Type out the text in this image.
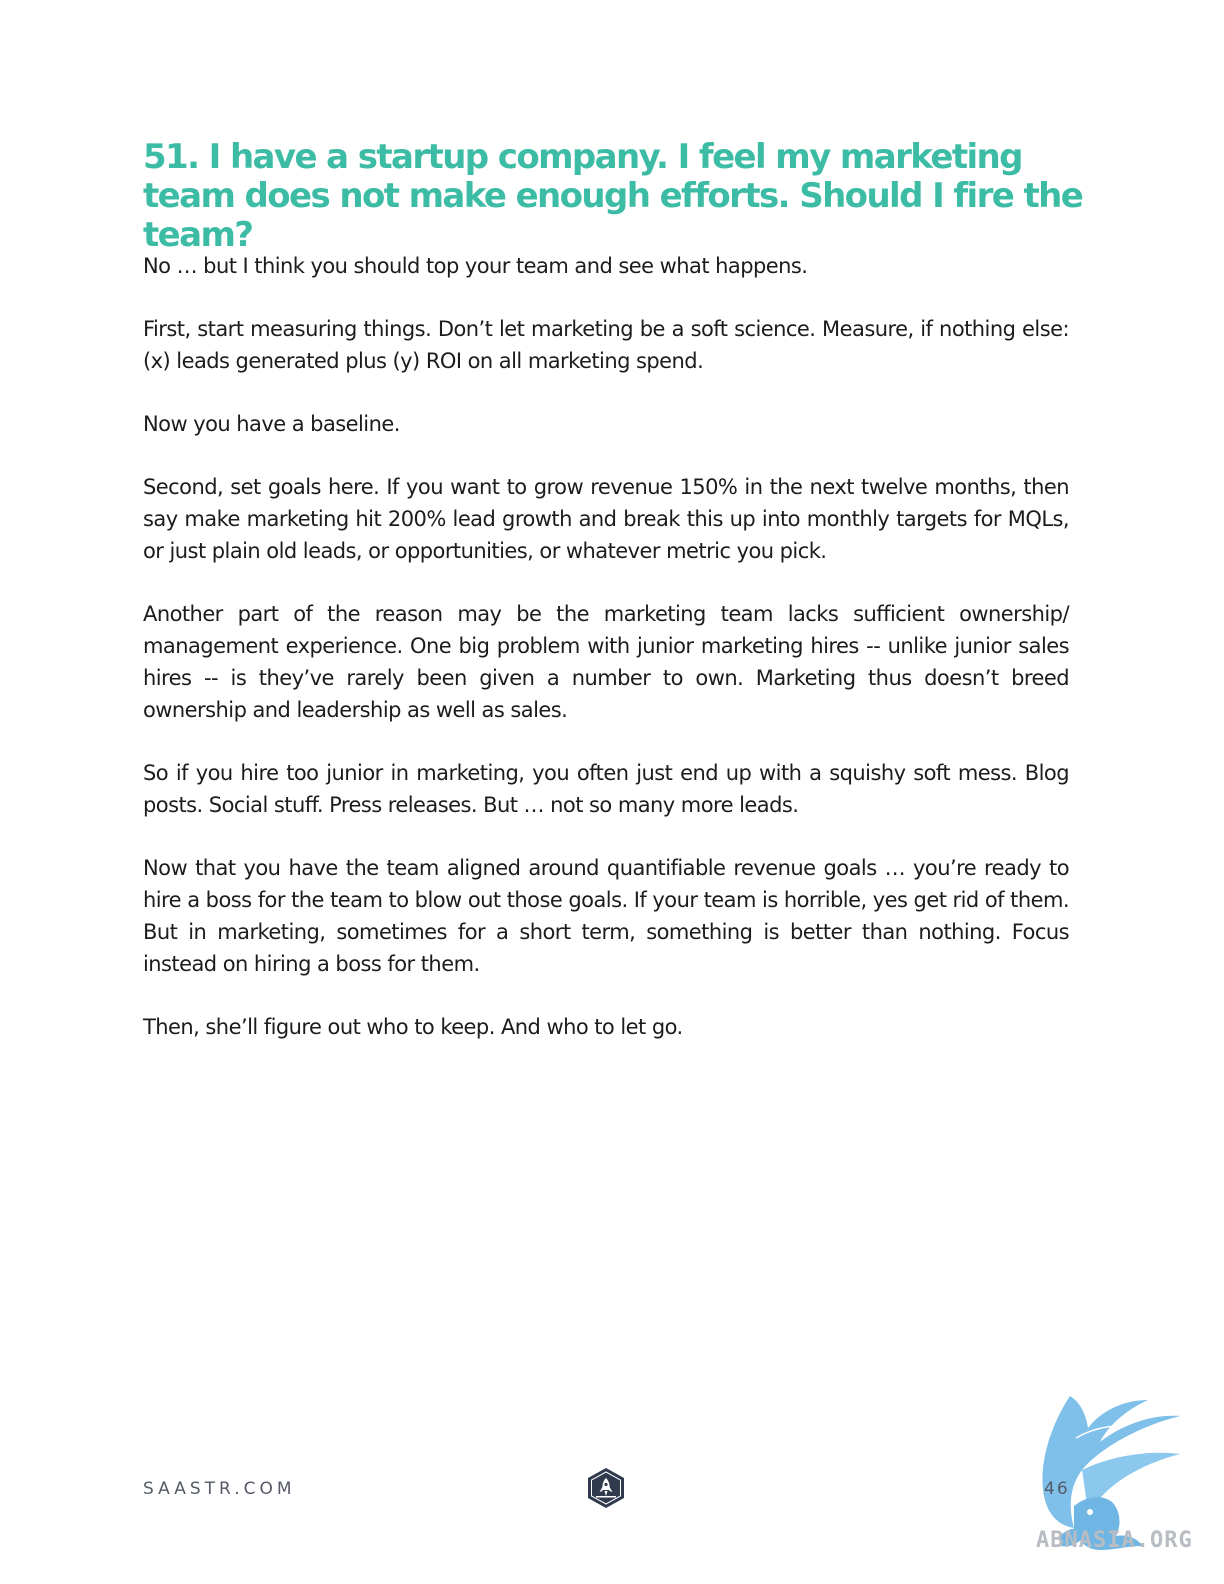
51. I have a startup company. I feel my marketing team does not make enough efforts. Should I fire the team?

No … but I think you should top your team and see what happens.

First, start measuring things. Don’t let marketing be a soft science. Measure, if nothing else: (x) leads generated plus (y) ROI on all marketing spend.

Now you have a baseline.

Second, set goals here. If you want to grow revenue 150% in the next twelve months, then say make marketing hit 200% lead growth and break this up into monthly targets for MQLs, or just plain old leads, or opportunities, or whatever metric you pick.

Another part of the reason may be the marketing team lacks sufficient ownership/ management experience. One big problem with junior marketing hires -- unlike junior sales hires -- is they’ve rarely been given a number to own. Marketing thus doesn’t breed ownership and leadership as well as sales.

So if you hire too junior in marketing, you often just end up with a squishy soft mess. Blog posts. Social stuff. Press releases. But … not so many more leads.

Now that you have the team aligned around quantifiable revenue goals … you’re ready to hire a boss for the team to blow out those goals. If your team is horrible, yes get rid of them. But in marketing, sometimes for a short term, something is better than nothing. Focus instead on hiring a boss for them.

Then, she’ll figure out who to keep. And who to let go.

SAASTR.COM	46
ABNASIA.ORG
